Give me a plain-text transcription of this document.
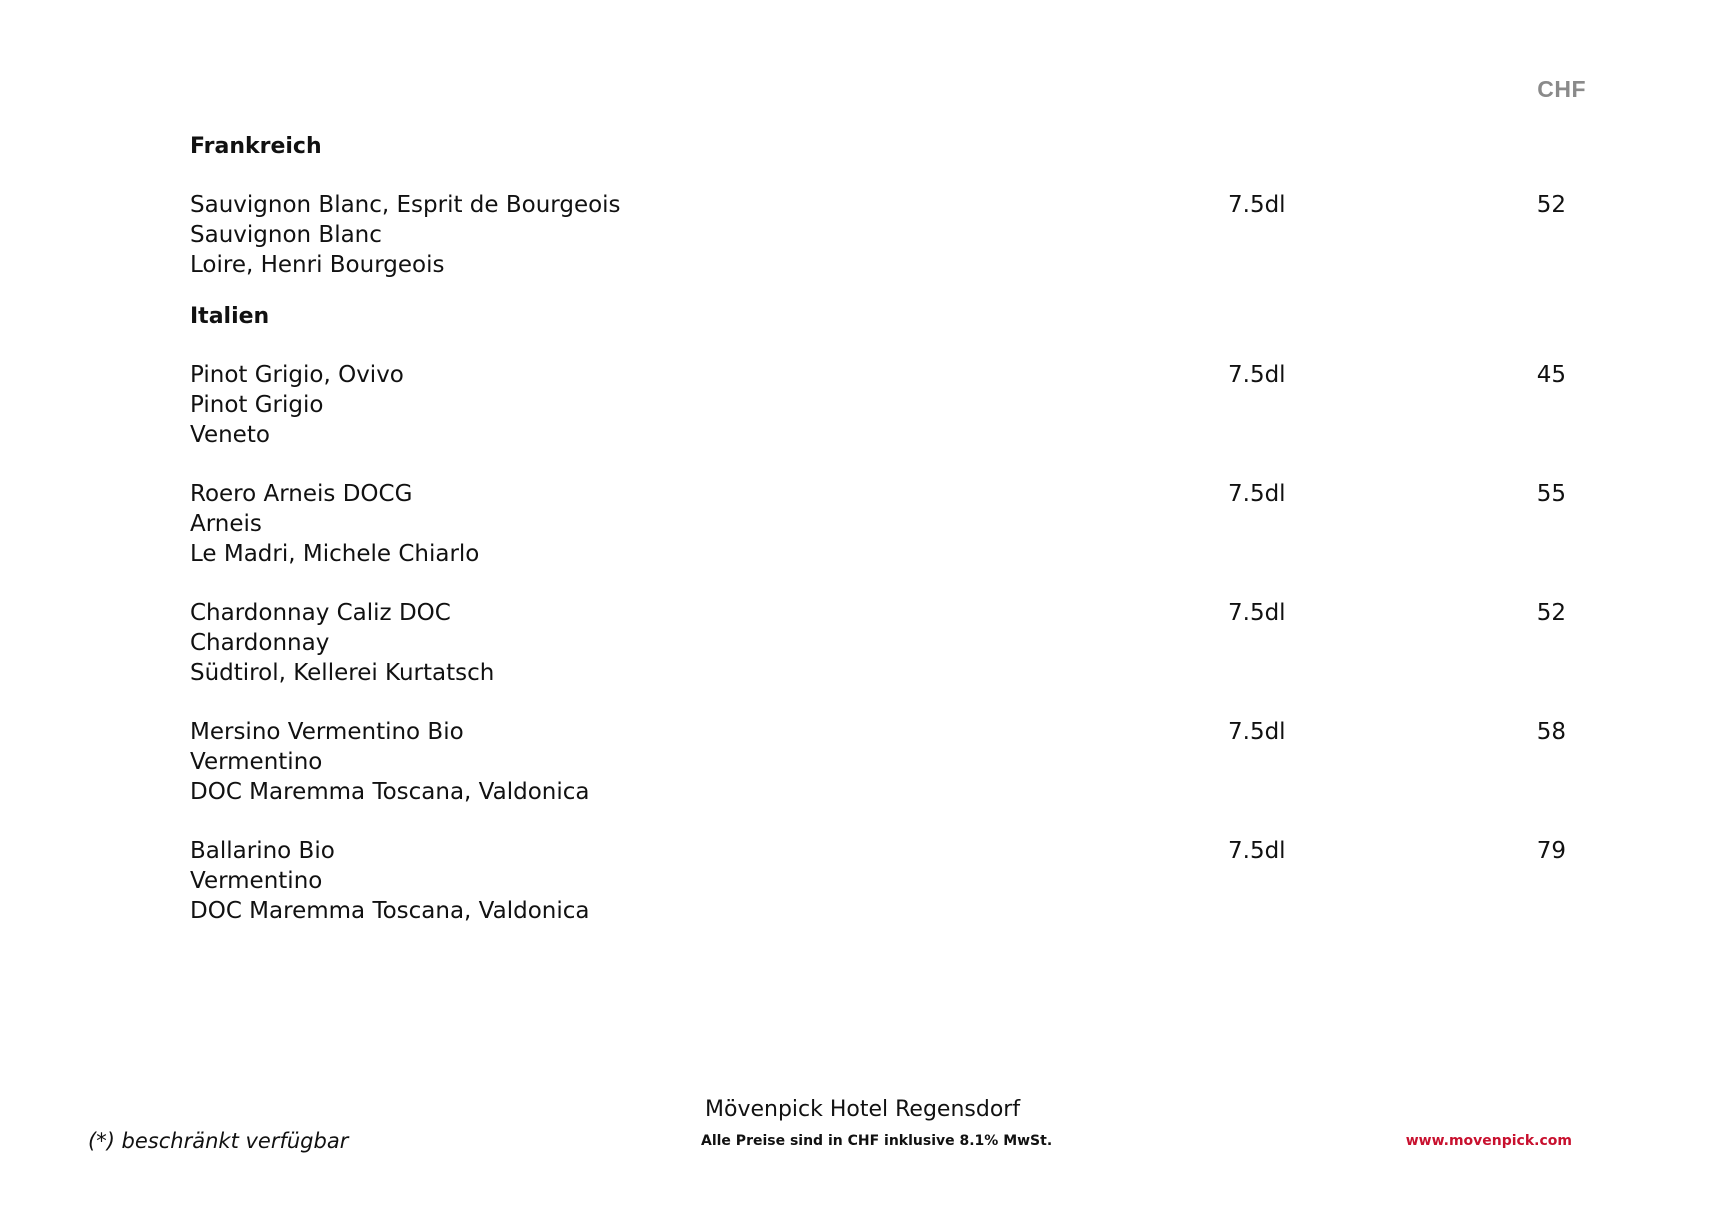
CHF
Frankreich
Sauvignon Blanc, Esprit de Bourgeois
Sauvignon Blanc
Loire, Henri Bourgeois
7.5dl	52
Italien
Pinot Grigio, Ovivo
Pinot Grigio
Veneto
7.5dl	45
Roero Arneis DOCG
Arneis
Le Madri, Michele Chiarlo
7.5dl	55
Chardonnay Caliz DOC
Chardonnay
Südtirol, Kellerei Kurtatsch
7.5dl	52
Mersino Vermentino Bio
Vermentino
DOC Maremma Toscana, Valdonica
7.5dl	58
Ballarino Bio
Vermentino
DOC Maremma Toscana, Valdonica
7.5dl	79
(*) beschränkt verfügbar
Mövenpick Hotel Regensdorf
Alle Preise sind in CHF inklusive 8.1% MwSt.	www.movenpick.com
